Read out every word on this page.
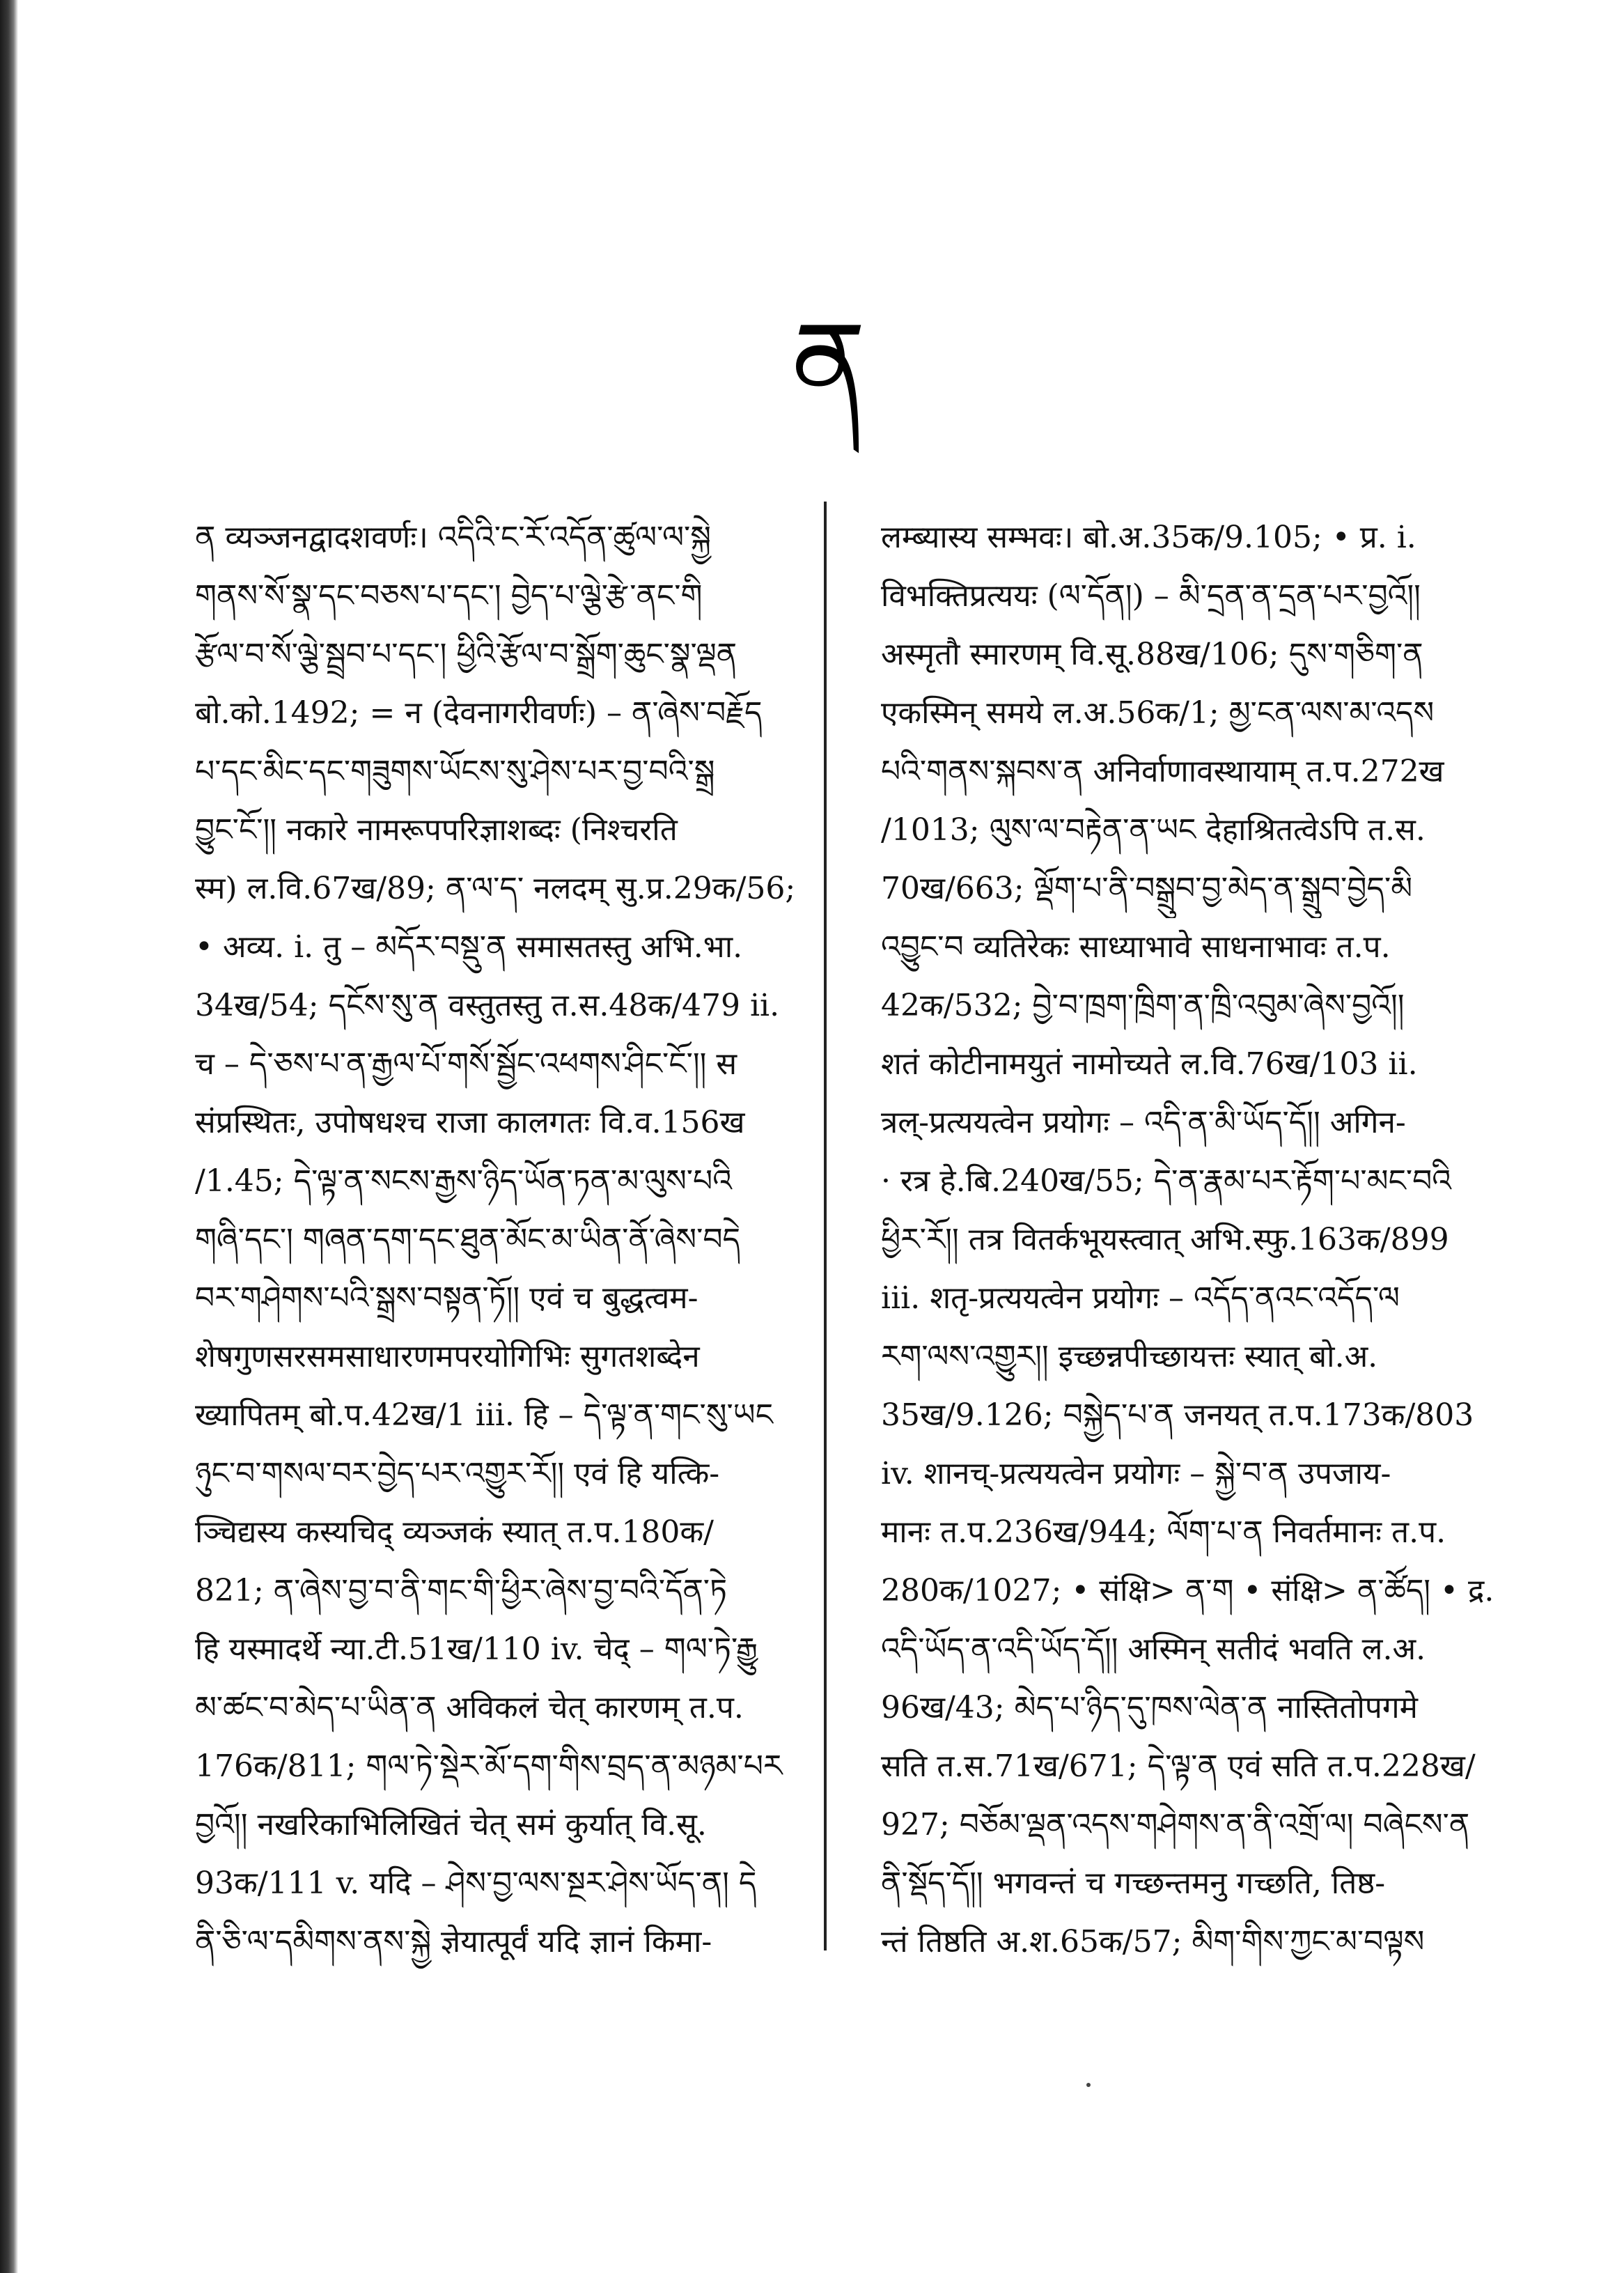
ན
ན व्यञ्जनद्वादशवर्णः। འདིའི་ང་རོ་འདོན་ཚུལ་ལ་སྐྱེ
གནས་སོ་སྣ་དང་བཅས་པ་དང་། བྱེད་པ་ལྕེ་རྩེ་ནང་གི
རྩོལ་བ་སོ་ལྕེ་སྦྲབ་པ་དང་། ཕྱིའི་རྩོལ་བ་སྒྲོག་ཆུང་སྣ་ལྡན
बो.को.1492; = न (देवनागरीवर्णः) – ན་ཞེས་བརྗོད
པ་དང་མིང་དང་གཟུགས་ཡོངས་སུ་ཤེས་པར་བྱ་བའི་སྒྲ
བྱུང་ངོ་།། नकारे नामरूपपरिज्ञाशब्दः (निश्चरति
स्म) ल.वि.67ख/89; ན་ལ་ད་ नलदम् सु.प्र.29क/56;
• अव्य. i. तु – མདོར་བསྡུ་ན समासतस्तु अभि.भा.
34ख/54; དངོས་སུ་ན वस्तुतस्तु त.स.48क/479 ii.
च – དེ་ཅས་པ་ན་རྒྱལ་པོ་གསོ་སྦྱོང་འཕགས་ཤིང་ངོ་།། स
संप्रस्थितः, उपोषधश्च राजा कालगतः वि.व.156ख
/1.45; དེ་ལྟ་ན་སངས་རྒྱས་ཉིད་ཡོན་ཏན་མ་ལུས་པའི
གཞི་དང་། གཞན་དག་དང་ཐུན་མོང་མ་ཡིན་ནོ་ཞེས་བདེ
བར་གཤེགས་པའི་སྒྲས་བསྟན་ཏོ།། एवं च बुद्धत्वम-
शेषगुणसरसमसाधारणमपरयोगिभिः सुगतशब्देन
ख्यापितम् बो.प.42ख/1 iii. हि – དེ་ལྟ་ན་གང་སུ་ཡང
ཉུང་བ་གསལ་བར་བྱེད་པར་འགྱུར་རོ།། एवं हि यत्कि-
ञ्चिद्यस्य कस्यचिद् व्यञ्जकं स्यात् त.प.180क/
821; ན་ཞེས་བྱ་བ་ནི་གང་གི་ཕྱིར་ཞེས་བྱ་བའི་དོན་ཏེ
हि यस्मादर्थे न्या.टी.51ख/110 iv. चेद् – གལ་ཏེ་རྒྱུ
མ་ཚང་བ་མེད་པ་ཡིན་ན अविकलं चेत् कारणम् त.प.
176क/811; གལ་ཏེ་སྡེར་མོ་དག་གིས་བྲད་ན་མཉམ་པར
བྱའོ།། नखरिकाभिलिखितं चेत् समं कुर्यात् वि.सू.
93क/111 v. यदि – ཤེས་བྱ་ལས་སྔར་ཤེས་ཡོད་ན། དེ
ནི་ཅི་ལ་དམིགས་ནས་སྐྱེ ज्ञेयात्पूर्वं यदि ज्ञानं किमा-
लम्ब्यास्य सम्भवः। बो.अ.35क/9.105; • प्र. i.
विभक्तिप्रत्ययः (ལ་དོན།) – མི་དྲན་ན་དྲན་པར་བྱའོ།།
अस्मृतौ स्मारणम् वि.सू.88ख/106; དུས་གཅིག་ན
एकस्मिन् समये ल.अ.56क/1; མྱ་ངན་ལས་མ་འདས
པའི་གནས་སྐབས་ན अनिर्वाणावस्थायाम् त.प.272ख
/1013; ལུས་ལ་བརྟེན་ན་ཡང देहाश्रितत्वेऽपि त.स.
70ख/663; ལྡོག་པ་ནི་བསྒྲུབ་བྱ་མེད་ན་སྒྲུབ་བྱེད་མི
འབྱུང་བ व्यतिरेकः साध्याभावे साधनाभावः त.प.
42क/532; བྱེ་བ་ཁྲག་ཁྲིག་ན་ཁྲི་འབུམ་ཞེས་བྱའོ།།
शतं कोटीनामयुतं नामोच्यते ल.वि.76ख/103 ii.
त्रल्-प्रत्ययत्वेन प्रयोगः – འདི་ན་མི་ཡོད་དོ།། अगिन-
· रत्र हे.बि.240ख/55; དེ་ན་རྣམ་པར་རྟོག་པ་མང་བའི
ཕྱིར་རོ།། तत्र वितर्कभूयस्त्वात् अभि.स्फु.163क/899
iii. शतृ-प्रत्ययत्वेन प्रयोगः – འདོད་ནའང་འདོད་ལ
རག་ལས་འགྱུར།། इच्छन्नपीच्छायत्तः स्यात् बो.अ.
35ख/9.126; བསྐྱེད་པ་ན जनयत् त.प.173क/803
iv. शानच्-प्रत्ययत्वेन प्रयोगः – སྐྱེ་བ་ན उपजाय-
मानः त.प.236ख/944; ལོག་པ་ན निवर्तमानः त.प.
280क/1027; • संक्षि> ན་ག • संक्षि> ན་ཚོད། • द्र.
འདི་ཡོད་ན་འདི་ཡོད་དོ།། अस्मिन् सतीदं भवति ल.अ.
96ख/43; མེད་པ་ཉིད་དུ་ཁས་ལེན་ན नास्तितोपगमे
सति त.स.71ख/671; དེ་ལྟ་ན एवं सति त.प.228ख/
927; བཅོམ་ལྡན་འདས་གཤེགས་ན་ནི་འགྲོ་ལ། བཞེངས་ན
ནི་སྡོད་དོ།། भगवन्तं च गच्छन्तमनु गच्छति, तिष्ठ-
न्तं तिष्ठति अ.श.65क/57; མིག་གིས་ཀྱང་མ་བལྟས
